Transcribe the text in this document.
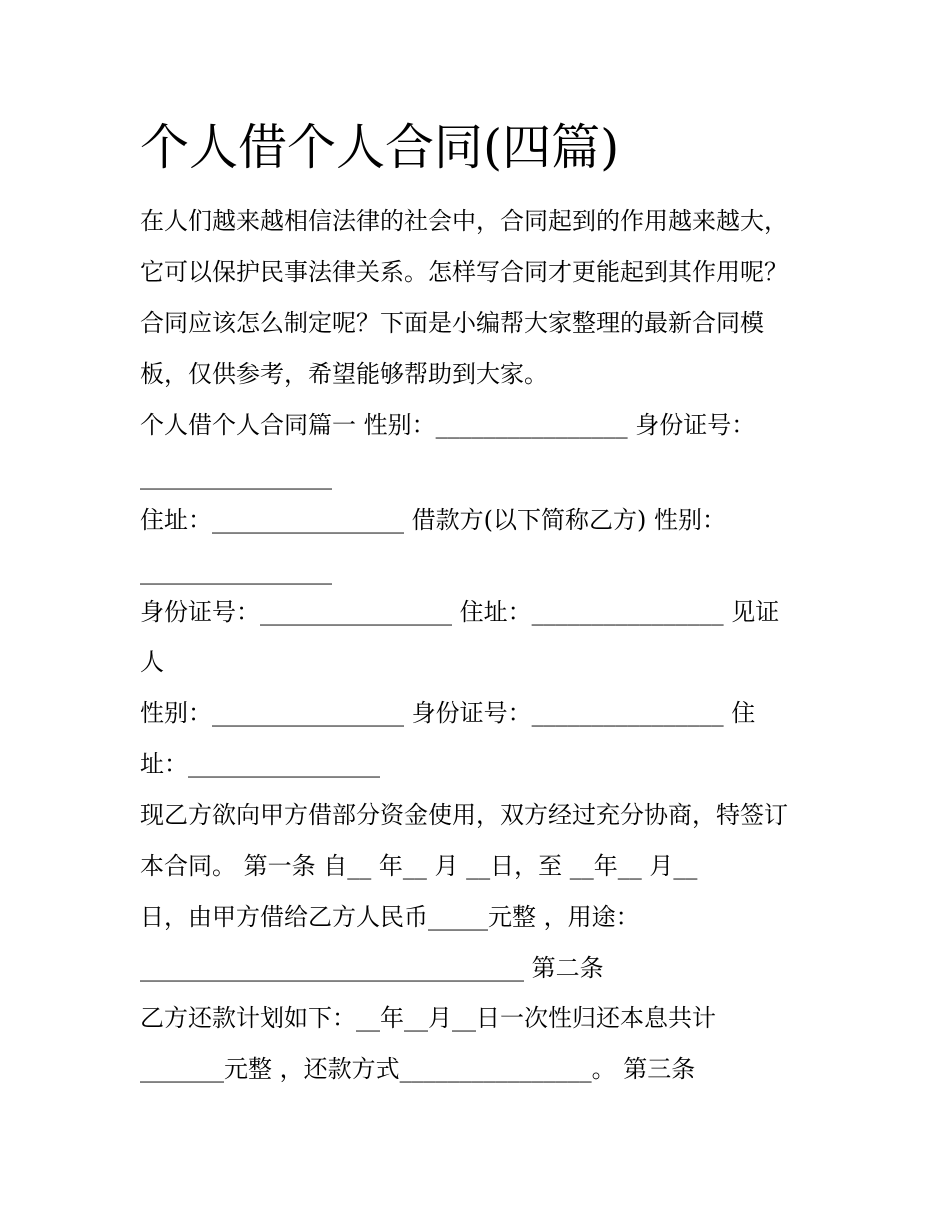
个人借个人合同(四篇)

在人们越来越相信法律的社会中，合同起到的作用越来越大，

它可以保护民事法律关系。怎样写合同才更能起到其作用呢？

合同应该怎么制定呢？下面是小编帮大家整理的最新合同模

板，仅供参考，希望能够帮助到大家。

个人借个人合同篇一 性别：________________ 身份证号：

________________

住址：________________ 借款方(以下简称乙方) 性别：

________________

身份证号：________________ 住址：________________ 见证

人

性别：________________ 身份证号：________________ 住

址：________________

现乙方欲向甲方借部分资金使用，双方经过充分协商，特签订

本合同。 第一条 自__ 年__ 月 __日，至 __年__ 月__

日，由甲方借给乙方人民币_____元整 ，用途：

________________________________ 第二条

乙方还款计划如下：__年__月__日一次性归还本息共计

_______元整 ，还款方式________________。 第三条
